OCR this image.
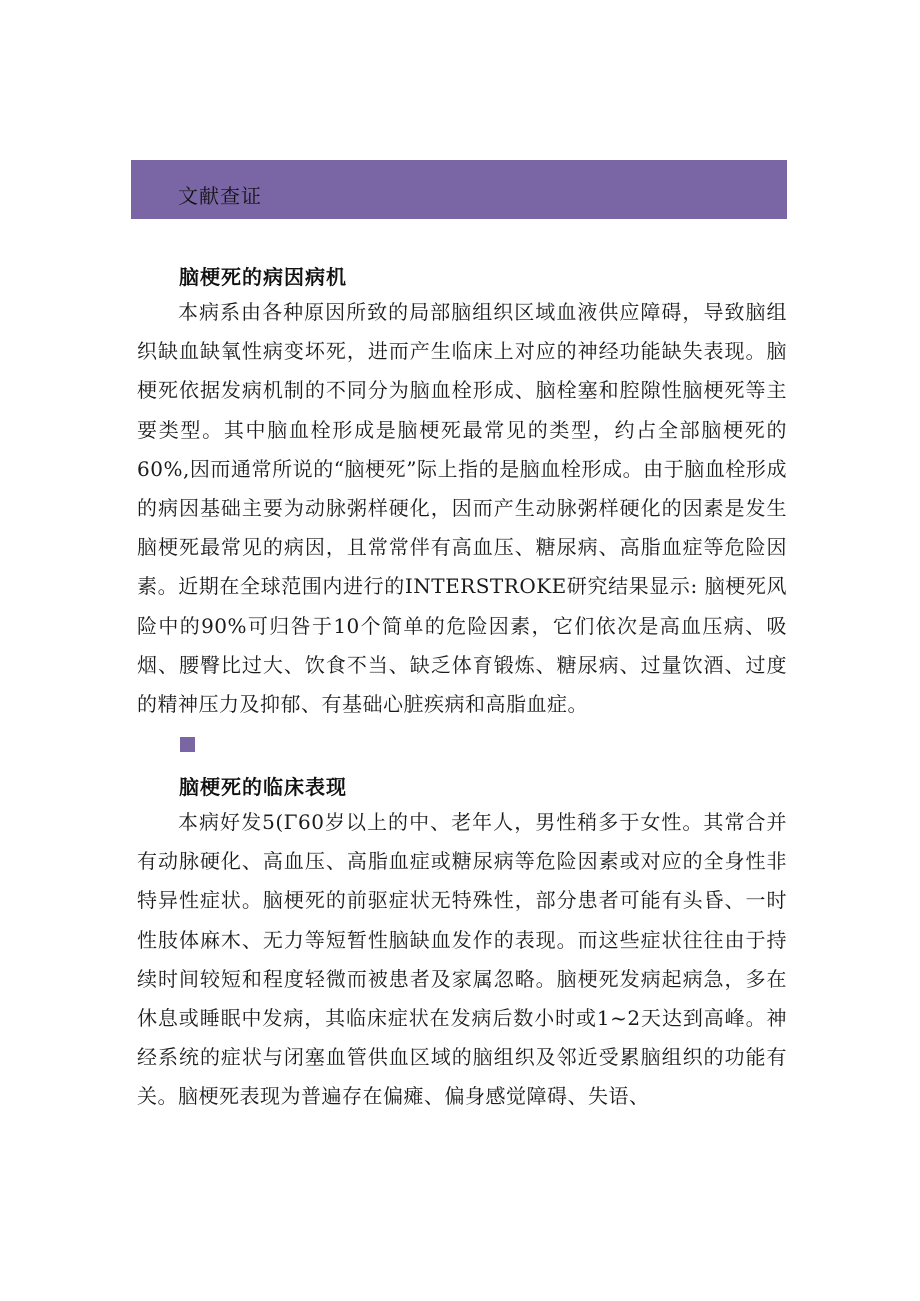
文献查证
脑梗死的病因病机

本病系由各种原因所致的局部脑组织区域血液供应障碍，导致脑组织缺血缺氧性病变坏死，进而产生临床上对应的神经功能缺失表现。脑梗死依据发病机制的不同分为脑血栓形成、脑栓塞和腔隙性脑梗死等主要类型。其中脑血栓形成是脑梗死最常见的类型，约占全部脑梗死的60%,因而通常所说的“脑梗死”际上指的是脑血栓形成。由于脑血栓形成的病因基础主要为动脉粥样硬化，因而产生动脉粥样硬化的因素是发生脑梗死最常见的病因，且常常伴有高血压、糖尿病、高脂血症等危险因素。近期在全球范围内进行的INTERSTROKE研究结果显示: 脑梗死风险中的90%可归咎于10个简单的危险因素，它们依次是高血压病、吸烟、腰臀比过大、饮食不当、缺乏体育锻炼、糖尿病、过量饮酒、过度的精神压力及抑郁、有基础心脏疾病和高脂血症。

脑梗死的临床表现

本病好发5(Γ60岁以上的中、老年人，男性稍多于女性。其常合并有动脉硬化、高血压、高脂血症或糖尿病等危险因素或对应的全身性非特异性症状。脑梗死的前驱症状无特殊性，部分患者可能有头昏、一时性肢体麻木、无力等短暂性脑缺血发作的表现。而这些症状往往由于持续时间较短和程度轻微而被患者及家属忽略。脑梗死发病起病急，多在休息或睡眠中发病，其临床症状在发病后数小时或1~2天达到高峰。神经系统的症状与闭塞血管供血区域的脑组织及邻近受累脑组织的功能有关。脑梗死表现为普遍存在偏瘫、偏身感觉障碍、失语、
